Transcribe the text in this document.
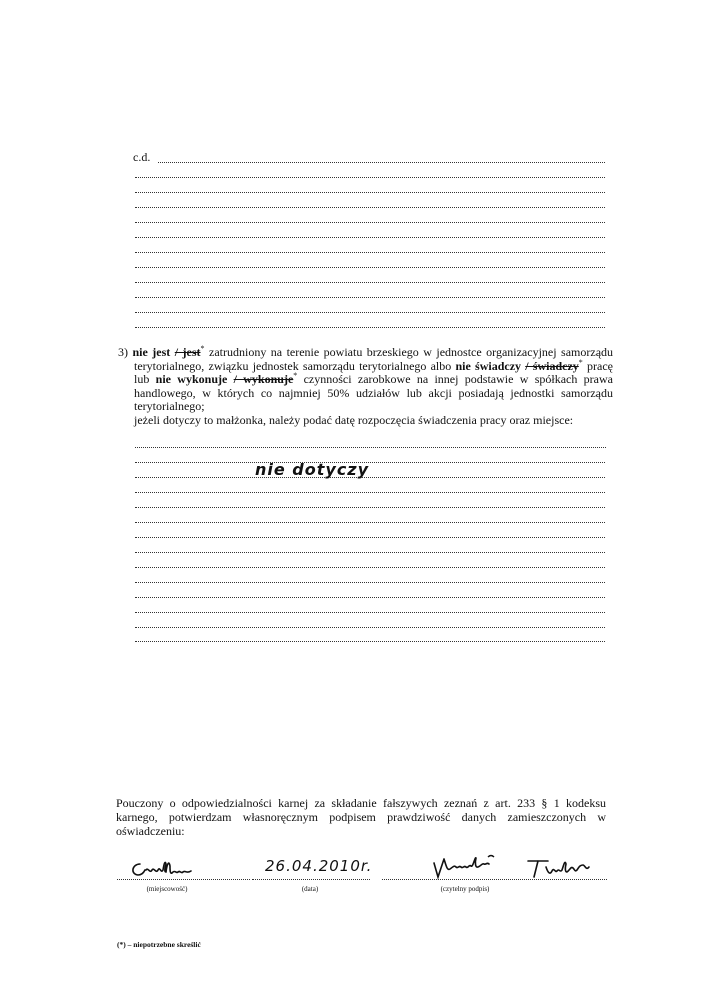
c.d.
3) nie jest / jest* zatrudniony na terenie powiatu brzeskiego w jednostce organizacyjnej samorządu terytorialnego, związku jednostek samorządu terytorialnego albo nie świadczy / świadczy* pracę lub nie wykonuje / wykonuje* czynności zarobkowe na innej podstawie w spółkach prawa handlowego, w których co najmniej 50% udziałów lub akcji posiadają jednostki samorządu terytorialnego;
jeżeli dotyczy to małżonka, należy podać datę rozpoczęcia świadczenia pracy oraz miejsce:
nie dotyczy
Pouczony o odpowiedzialności karnej za składanie fałszywych zeznań z art. 233 § 1 kodeksu karnego, potwierdzam własnoręcznym podpisem prawdziwość danych zamieszczonych w oświadczeniu:
26.04.2010r.
(miejscowość)	(data)	(czytelny podpis)
(*) – niepotrzebne skreślić
